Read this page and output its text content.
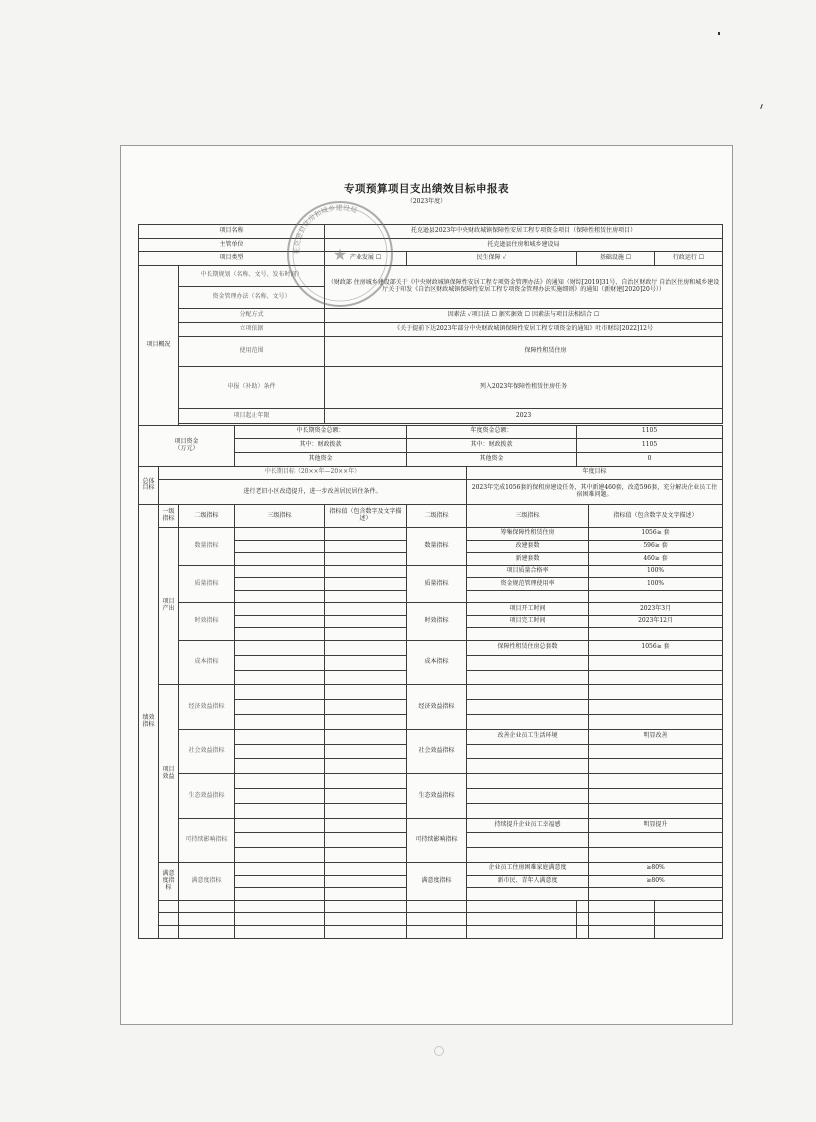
专项预算项目支出绩效目标申报表
（2023年度）
项目名称				托克逊县2023年中央财政城镇保障性安居工程专项资金项目（保障性租赁住房项目）					
主管单位				托克逊县住房和城乡建设局					
项目类型				产业发展 ☐	民生保障 ✓		基础设施 ☐		行政运行 ☐
项目概况		中长期规划（名称、文号、发布时间）		（财政部 住房城乡建设部关于《中央财政城镇保障性安居工程专项资金管理办法》的通知（财综[2019]31号、自治区财政厅 自治区住房和城乡建设厅关于印发《自治区财政城镇保障性安居工程专项资金管理办法实施细则》的通知（新财建[2020]20号））					
		资金管理办法（名称、文号）							
		分配方式		因素法 ✓项目法 ☐ 据实据效 ☐ 因素法与项目法相结合 ☐					
		立项依据		《关于提前下达2023年部分中央财政城镇保障性安居工程专项资金的通知》吐市财综[2022]12号					
		使用范围		保障性租赁住房					
		申报（补助）条件		列入2023年保障性租赁住房任务					
		项目起止年限		2023					

项目资金
（万元）			中长期资金总额：		年度资金总额：		1105		
			其中：财政拨款		其中：财政拨款		1105		
			其他资金		其他资金		0		
总体目标	中长期目标（20××年—20××年）					年度目标			
	进行老旧小区改造提升，进一步改善居民居住条件。					2023年完成1056套的保租房建设任务，其中新建460套，改造596套，充分解决企业员工住宿困难问题。			
绩效指标	一级指标	二级指标	三级指标	指标值（包含数字及文字描述）	二级指标	三级指标		指标值（包含数字及文字描述）	
	项目产出	数量指标			数量指标	筹集保障性租赁住房		1056≥ 套	
						改建套数		596≥ 套	
						新建套数		460≥ 套	
		质量指标			质量指标	项目质量合格率		100%	
						资金规范管理使用率		100%	

		时效指标			时效指标	项目开工时间		2023年3月	
						项目完工时间		2023年12月	

		成本指标			成本指标	保障性租赁住房总套数		1056≥ 套	

	项目效益	经济效益指标			经济效益指标				

		社会效益指标			社会效益指标	改善企业员工生活环境		明显改善	

		生态效益指标			生态效益指标				

		可持续影响指标			可持续影响指标	持续提升企业员工幸福感		明显提升	

	满意度指标	满意度指标			满意度指标	企业员工住房困难家庭满意度		≥80%	
						新市民、青年人满意度		≥80%	

托克逊县住房和城乡建设局
★
